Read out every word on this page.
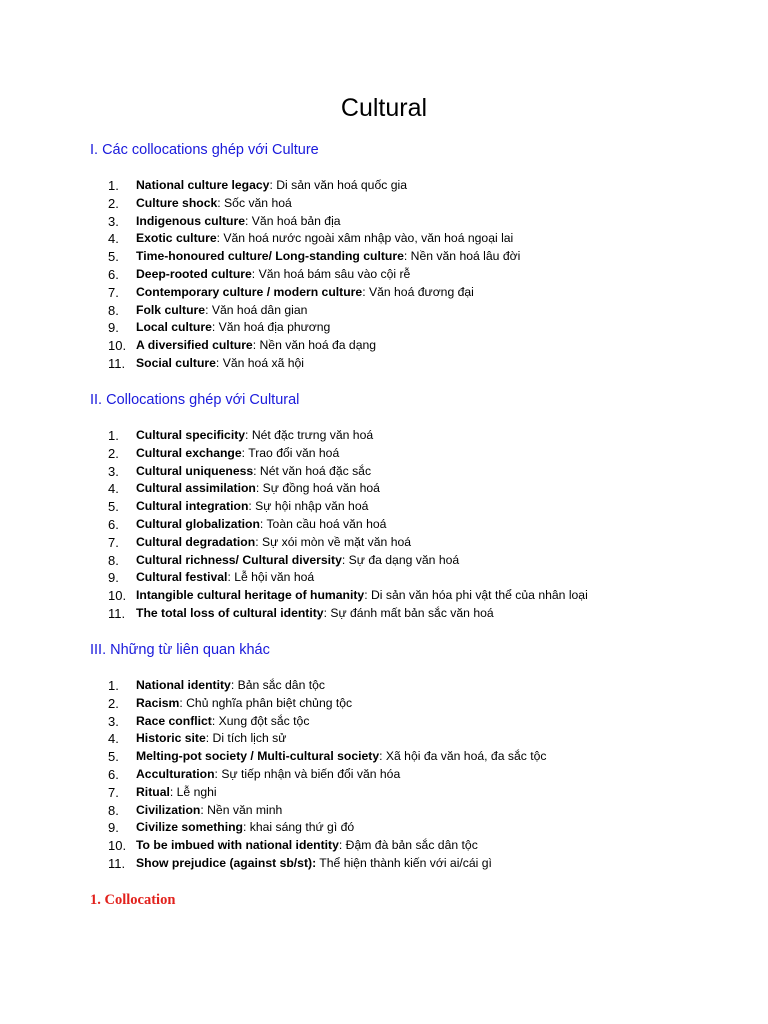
Cultural
I. Các collocations ghép với Culture
1.	National culture legacy: Di sản văn hoá quốc gia
2.	Culture shock: Sốc văn hoá
3.	Indigenous culture: Văn hoá bản địa
4.	Exotic culture: Văn hoá nước ngoài xâm nhập vào, văn hoá ngoại lai
5.	Time-honoured culture/ Long-standing culture: Nền văn hoá lâu đời
6.	Deep-rooted culture: Văn hoá bám sâu vào cội rễ
7.	Contemporary culture / modern culture: Văn hoá đương đại
8.	Folk culture: Văn hoá dân gian
9.	Local culture: Văn hoá địa phương
10. A diversified culture: Nền văn hoá đa dạng
11. Social culture: Văn hoá xã hội
II. Collocations ghép với Cultural
1.	Cultural specificity: Nét đặc trưng văn hoá
2.	Cultural exchange: Trao đổi văn hoá
3.	Cultural uniqueness: Nét văn hoá đặc sắc
4.	Cultural assimilation: Sự đồng hoá văn hoá
5.	Cultural integration: Sự hội nhập văn hoá
6.	Cultural globalization: Toàn cầu hoá văn hoá
7.	Cultural degradation: Sự xói mòn về mặt văn hoá
8.	Cultural richness/ Cultural diversity: Sự đa dạng văn hoá
9.	Cultural festival: Lễ hội văn hoá
10. Intangible cultural heritage of humanity: Di sản văn hóa phi vật thể của nhân loại
11. The total loss of cultural identity: Sự đánh mất bản sắc văn hoá
III. Những từ liên quan khác
1.	National identity: Bản sắc dân tộc
2.	Racism: Chủ nghĩa phân biệt chủng tộc
3.	Race conflict: Xung đột sắc tộc
4.	Historic site: Di tích lịch sử
5.	Melting-pot society / Multi-cultural society: Xã hội đa văn hoá, đa sắc tộc
6.	Acculturation: Sự tiếp nhận và biến đổi văn hóa
7.	Ritual: Lễ nghi
8.	Civilization: Nền văn minh
9.	Civilize something: khai sáng thứ gì đó
10. To be imbued with national identity: Đậm đà bản sắc dân tộc
11. Show prejudice (against sb/st): Thể hiện thành kiến với ai/cái gì
1. Collocation
